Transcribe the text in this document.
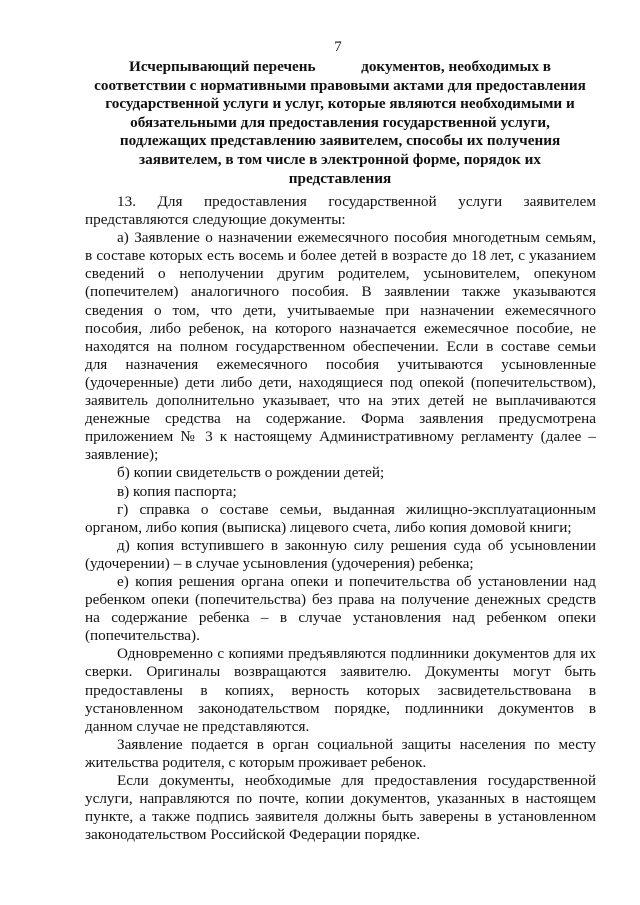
7
Исчерпывающий перечень            документов, необходимых в
соответствии с нормативными правовыми актами для предоставления
государственной услуги и услуг, которые являются необходимыми и
обязательными для предоставления государственной услуги,
подлежащих представлению заявителем, способы их получения
заявителем, в том числе в электронной форме, порядок их
представления
13. Для предоставления государственной услуги заявителем
представляются следующие документы:
а) Заявление о назначении ежемесячного пособия многодетным семьям,
в составе которых есть восемь и более детей в возрасте до 18 лет, с указанием
сведений о неполучении другим родителем, усыновителем, опекуном
(попечителем) аналогичного пособия. В заявлении также указываются
сведения о том, что дети, учитываемые при назначении ежемесячного
пособия, либо ребенок, на которого назначается ежемесячное пособие, не
находятся на полном государственном обеспечении. Если в составе семьи
для назначения ежемесячного пособия учитываются усыновленные
(удочеренные) дети либо дети, находящиеся под опекой (попечительством),
заявитель дополнительно указывает, что на этих детей не выплачиваются
денежные средства на содержание. Форма заявления предусмотрена
приложением № 3 к настоящему Административному регламенту (далее –
заявление);
б) копии свидетельств о рождении детей;
в) копия паспорта;
г) справка о составе семьи, выданная жилищно-эксплуатационным
органом, либо копия (выписка) лицевого счета, либо копия домовой книги;
д) копия вступившего в законную силу решения суда об усыновлении
(удочерении) – в случае усыновления (удочерения) ребенка;
е) копия решения органа опеки и попечительства об установлении над
ребенком опеки (попечительства) без права на получение денежных средств
на содержание ребенка – в случае установления над ребенком опеки
(попечительства).
Одновременно с копиями предъявляются подлинники документов для их
сверки. Оригиналы возвращаются заявителю. Документы могут быть
предоставлены в копиях, верность которых засвидетельствована в
установленном законодательством порядке, подлинники документов в
данном случае не представляются.
Заявление подается в орган социальной защиты населения по месту
жительства родителя, с которым проживает ребенок.
Если документы, необходимые для предоставления государственной
услуги, направляются по почте, копии документов, указанных в настоящем
пункте, а также подпись заявителя должны быть заверены в установленном
законодательством Российской Федерации порядке.
